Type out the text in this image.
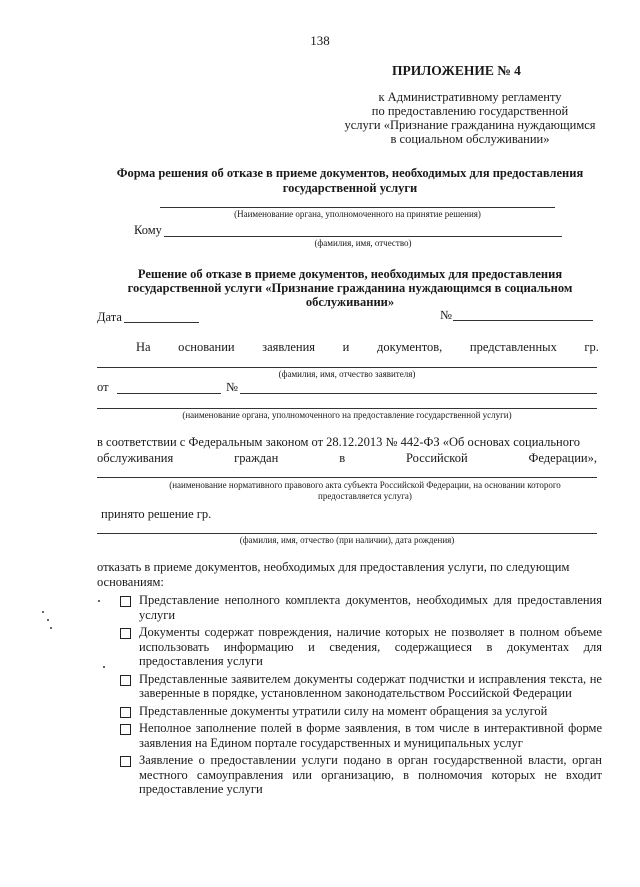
138
ПРИЛОЖЕНИЕ № 4
к Административному регламенту
по предоставлению государственной
услуги «Признание гражданина нуждающимся
в социальном обслуживании»
Форма решения об отказе в приеме документов, необходимых для предоставления государственной услуги
(Наименование органа, уполномоченного на принятие решения)
Кому
(фамилия, имя, отчество)
Решение об отказе в приеме документов, необходимых для предоставления государственной услуги «Признание гражданина нуждающимся в социальном обслуживании»
Дата	№
На основании заявления и документов, представленных гр.
(фамилия, имя, отчество заявителя)
от	№
(наименование органа, уполномоченного на предоставление государственной услуги)
в соответствии с Федеральным законом от 28.12.2013 № 442-ФЗ «Об основах социального
обслуживания	граждан	в	Российской	Федерации»,
(наименование нормативного правового акта субъекта Российской Федерации, на основании которого предоставляется услуга)
принято решение гр.
(фамилия, имя, отчество (при наличии), дата рождения)
отказать в приеме документов, необходимых для предоставления услуги, по следующим основаниям:
Представление неполного комплекта документов, необходимых для предоставления услуги
Документы содержат повреждения, наличие которых не позволяет в полном объеме использовать информацию и сведения, содержащиеся в документах для предоставления услуги
Представленные заявителем документы содержат подчистки и исправления текста, не заверенные в порядке, установленном законодательством Российской Федерации
Представленные документы утратили силу на момент обращения за услугой
Неполное заполнение полей в форме заявления, в том числе в интерактивной форме заявления на Едином портале государственных и муниципальных услуг
Заявление о предоставлении услуги подано в орган государственной власти, орган местного самоуправления или организацию, в полномочия которых не входит предоставление услуги
